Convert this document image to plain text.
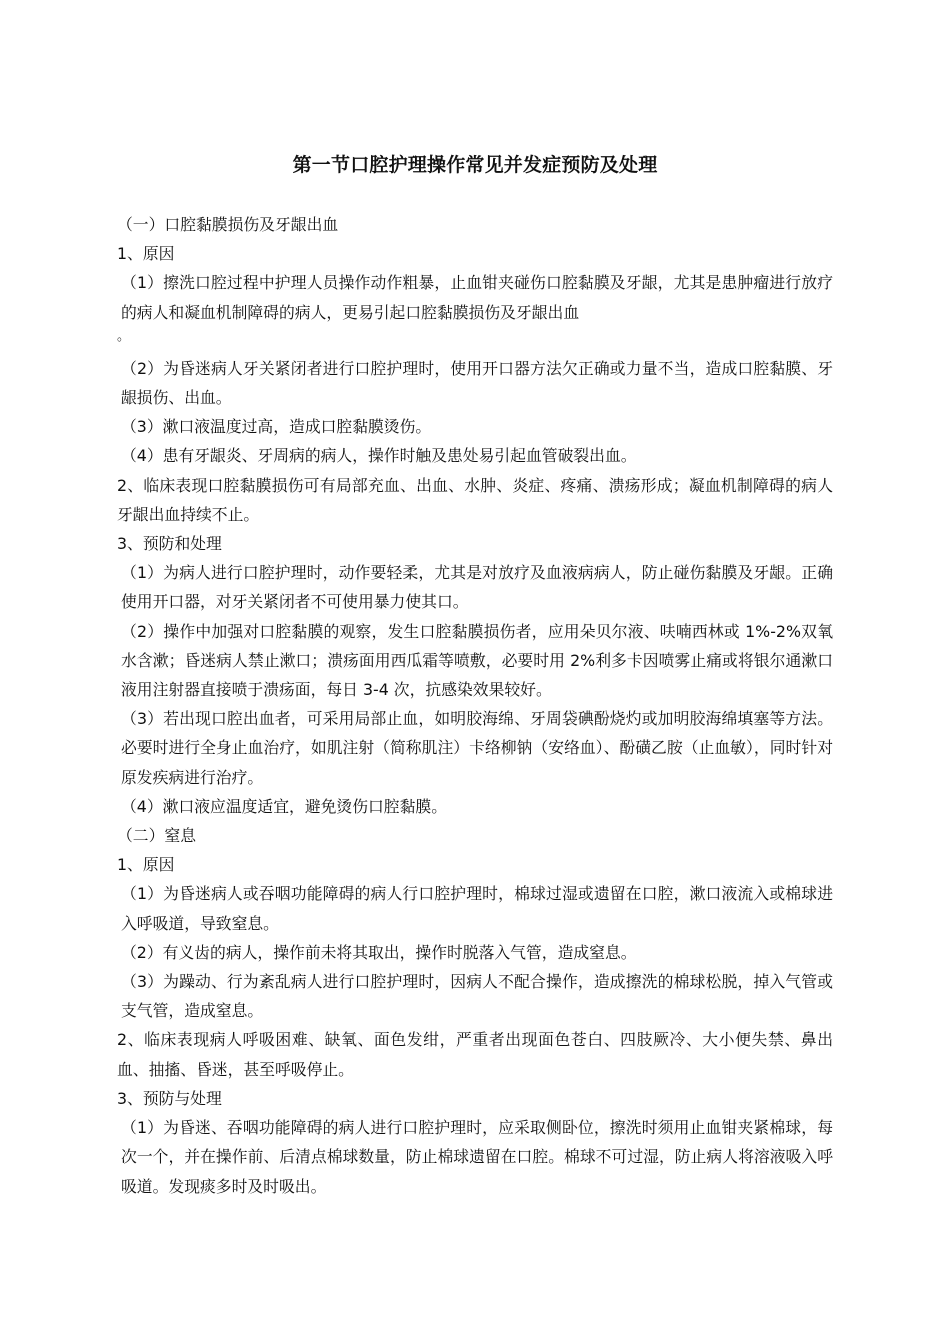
第一节口腔护理操作常见并发症预防及处理

（一）口腔黏膜损伤及牙龈出血

1、原因

（1）擦洗口腔过程中护理人员操作动作粗暴，止血钳夹碰伤口腔黏膜及牙龈，尤其是患肿瘤进行放疗的病人和凝血机制障碍的病人，更易引起口腔黏膜损伤及牙龈出血

。

（2）为昏迷病人牙关紧闭者进行口腔护理时，使用开口器方法欠正确或力量不当，造成口腔黏膜、牙龈损伤、出血。

（3）漱口液温度过高，造成口腔黏膜烫伤。

（4）患有牙龈炎、牙周病的病人，操作时触及患处易引起血管破裂出血。

2、临床表现口腔黏膜损伤可有局部充血、出血、水肿、炎症、疼痛、溃疡形成；凝血机制障碍的病人牙龈出血持续不止。

3、预防和处理

（1）为病人进行口腔护理时，动作要轻柔，尤其是对放疗及血液病病人，防止碰伤黏膜及牙龈。正确使用开口器，对牙关紧闭者不可使用暴力使其口。

（2）操作中加强对口腔黏膜的观察，发生口腔黏膜损伤者，应用朵贝尔液、呋喃西林或 1%-2%双氧水含漱；昏迷病人禁止漱口；溃疡面用西瓜霜等喷敷，必要时用 2%利多卡因喷雾止痛或将银尔通漱口液用注射器直接喷于溃疡面，每日 3-4 次，抗感染效果较好。

（3）若出现口腔出血者，可采用局部止血，如明胶海绵、牙周袋碘酚烧灼或加明胶海绵填塞等方法。必要时进行全身止血治疗，如肌注射（简称肌注）卡络柳钠（安络血）、酚磺乙胺（止血敏），同时针对原发疾病进行治疗。

（4）漱口液应温度适宜，避免烫伤口腔黏膜。

（二）窒息

1、原因

（1）为昏迷病人或吞咽功能障碍的病人行口腔护理时，棉球过湿或遗留在口腔，漱口液流入或棉球进入呼吸道，导致窒息。

（2）有义齿的病人，操作前未将其取出，操作时脱落入气管，造成窒息。

（3）为躁动、行为紊乱病人进行口腔护理时，因病人不配合操作，造成擦洗的棉球松脱，掉入气管或支气管，造成窒息。

2、临床表现病人呼吸困难、缺氧、面色发绀，严重者出现面色苍白、四肢厥冷、大小便失禁、鼻出血、抽搐、昏迷，甚至呼吸停止。

3、预防与处理

（1）为昏迷、吞咽功能障碍的病人进行口腔护理时，应采取侧卧位，擦洗时须用止血钳夹紧棉球，每次一个，并在操作前、后清点棉球数量，防止棉球遗留在口腔。棉球不可过湿，防止病人将溶液吸入呼吸道。发现痰多时及时吸出。
